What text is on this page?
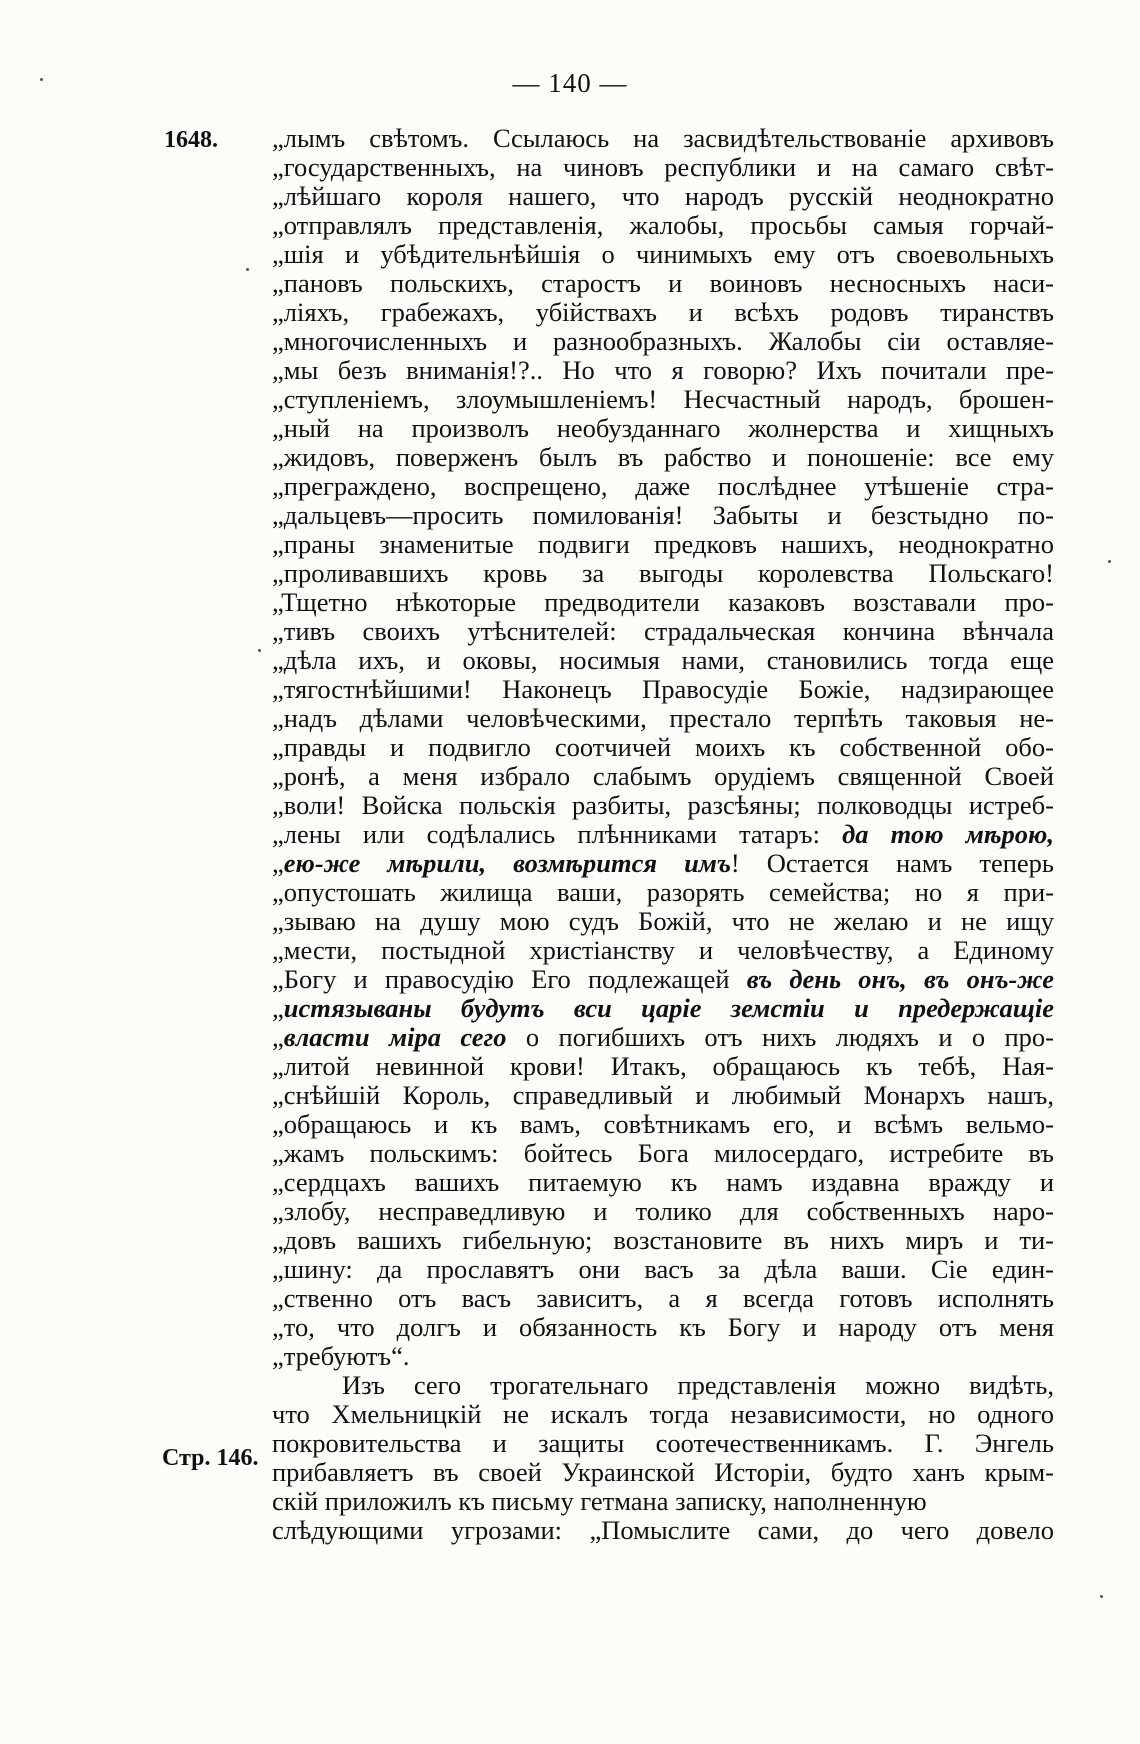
— 140 —
1648.
Стр. 146.
„лымъ свѣтомъ. Ссылаюсь на засвидѣтельствованіе архивовъ
„государственныхъ, на чиновъ республики и на самаго свѣт-
„лѣйшаго короля нашего, что народъ русскій неоднократно
„отправлялъ представленія, жалобы, просьбы самыя горчай-
„шія и убѣдительнѣйшія о чинимыхъ ему отъ своевольныхъ
„пановъ польскихъ, старостъ и воиновъ несносныхъ наси-
„ліяхъ, грабежахъ, убійствахъ и всѣхъ родовъ тиранствъ
„многочисленныхъ и разнообразныхъ. Жалобы сіи оставляе-
„мы безъ вниманія!?.. Но что я говорю? Ихъ почитали пре-
„ступленіемъ, злоумышленіемъ! Несчастный народъ, брошен-
„ный на произволъ необузданнаго жолнерства и хищныхъ
„жидовъ, поверженъ былъ въ рабство и поношеніе: все ему
„преграждено, воспрещено, даже послѣднее утѣшеніе стра-
„дальцевъ—просить помилованія! Забыты и безстыдно по-
„праны знаменитые подвиги предковъ нашихъ, неоднократно
„проливавшихъ кровь за выгоды королевства Польскаго!
„Тщетно нѣкоторые предводители казаковъ возставали про-
„тивъ своихъ утѣснителей: страдальческая кончина вѣнчала
„дѣла ихъ, и оковы, носимыя нами, становились тогда еще
„тягостнѣйшими! Наконецъ Правосудіе Божіе, надзирающее
„надъ дѣлами человѣческими, престало терпѣть таковыя не-
„правды и подвигло соотчичей моихъ къ собственной обо-
„ронѣ, а меня избрало слабымъ орудіемъ священной Своей
„воли! Войска польскія разбиты, разсѣяны; полководцы истреб-
„лены или содѣлались плѣнниками татаръ: да тою мѣрою,
„ею-же мѣрили, возмѣрится имъ! Остается намъ теперь
„опустошать жилища ваши, разорять семейства; но я при-
„зываю на душу мою судъ Божій, что не желаю и не ищу
„мести, постыдной христіанству и человѣчеству, а Единому
„Богу и правосудію Его подлежащей въ день онъ, въ онъ-же
„истязываны будутъ вси царіе земстіи и предержащіе
„власти міра сего о погибшихъ отъ нихъ людяхъ и о про-
„литой невинной крови! Итакъ, обращаюсь къ тебѣ, Ная-
„снѣйшій Король, справедливый и любимый Монархъ нашъ,
„обращаюсь и къ вамъ, совѣтникамъ его, и всѣмъ вельмо-
„жамъ польскимъ: бойтесь Бога милосердаго, истребите въ
„сердцахъ вашихъ питаемую къ намъ издавна вражду и
„злобу, несправедливую и толико для собственныхъ наро-
„довъ вашихъ гибельную; возстановите въ нихъ миръ и ти-
„шину: да прославятъ они васъ за дѣла ваши. Сіе един-
„ственно отъ васъ зависитъ, а я всегда готовъ исполнять
„то, что долгъ и обязанность къ Богу и народу отъ меня
„требуютъ“.
Изъ сего трогательнаго представленія можно видѣть,
что Хмельницкій не искалъ тогда независимости, но одного
покровительства и защиты соотечественникамъ. Г. Энгель
прибавляетъ въ своей Украинской Исторіи, будто ханъ крым-
скій приложилъ къ письму гетмана записку, наполненную
слѣдующими угрозами: „Помыслите сами, до чего довело
